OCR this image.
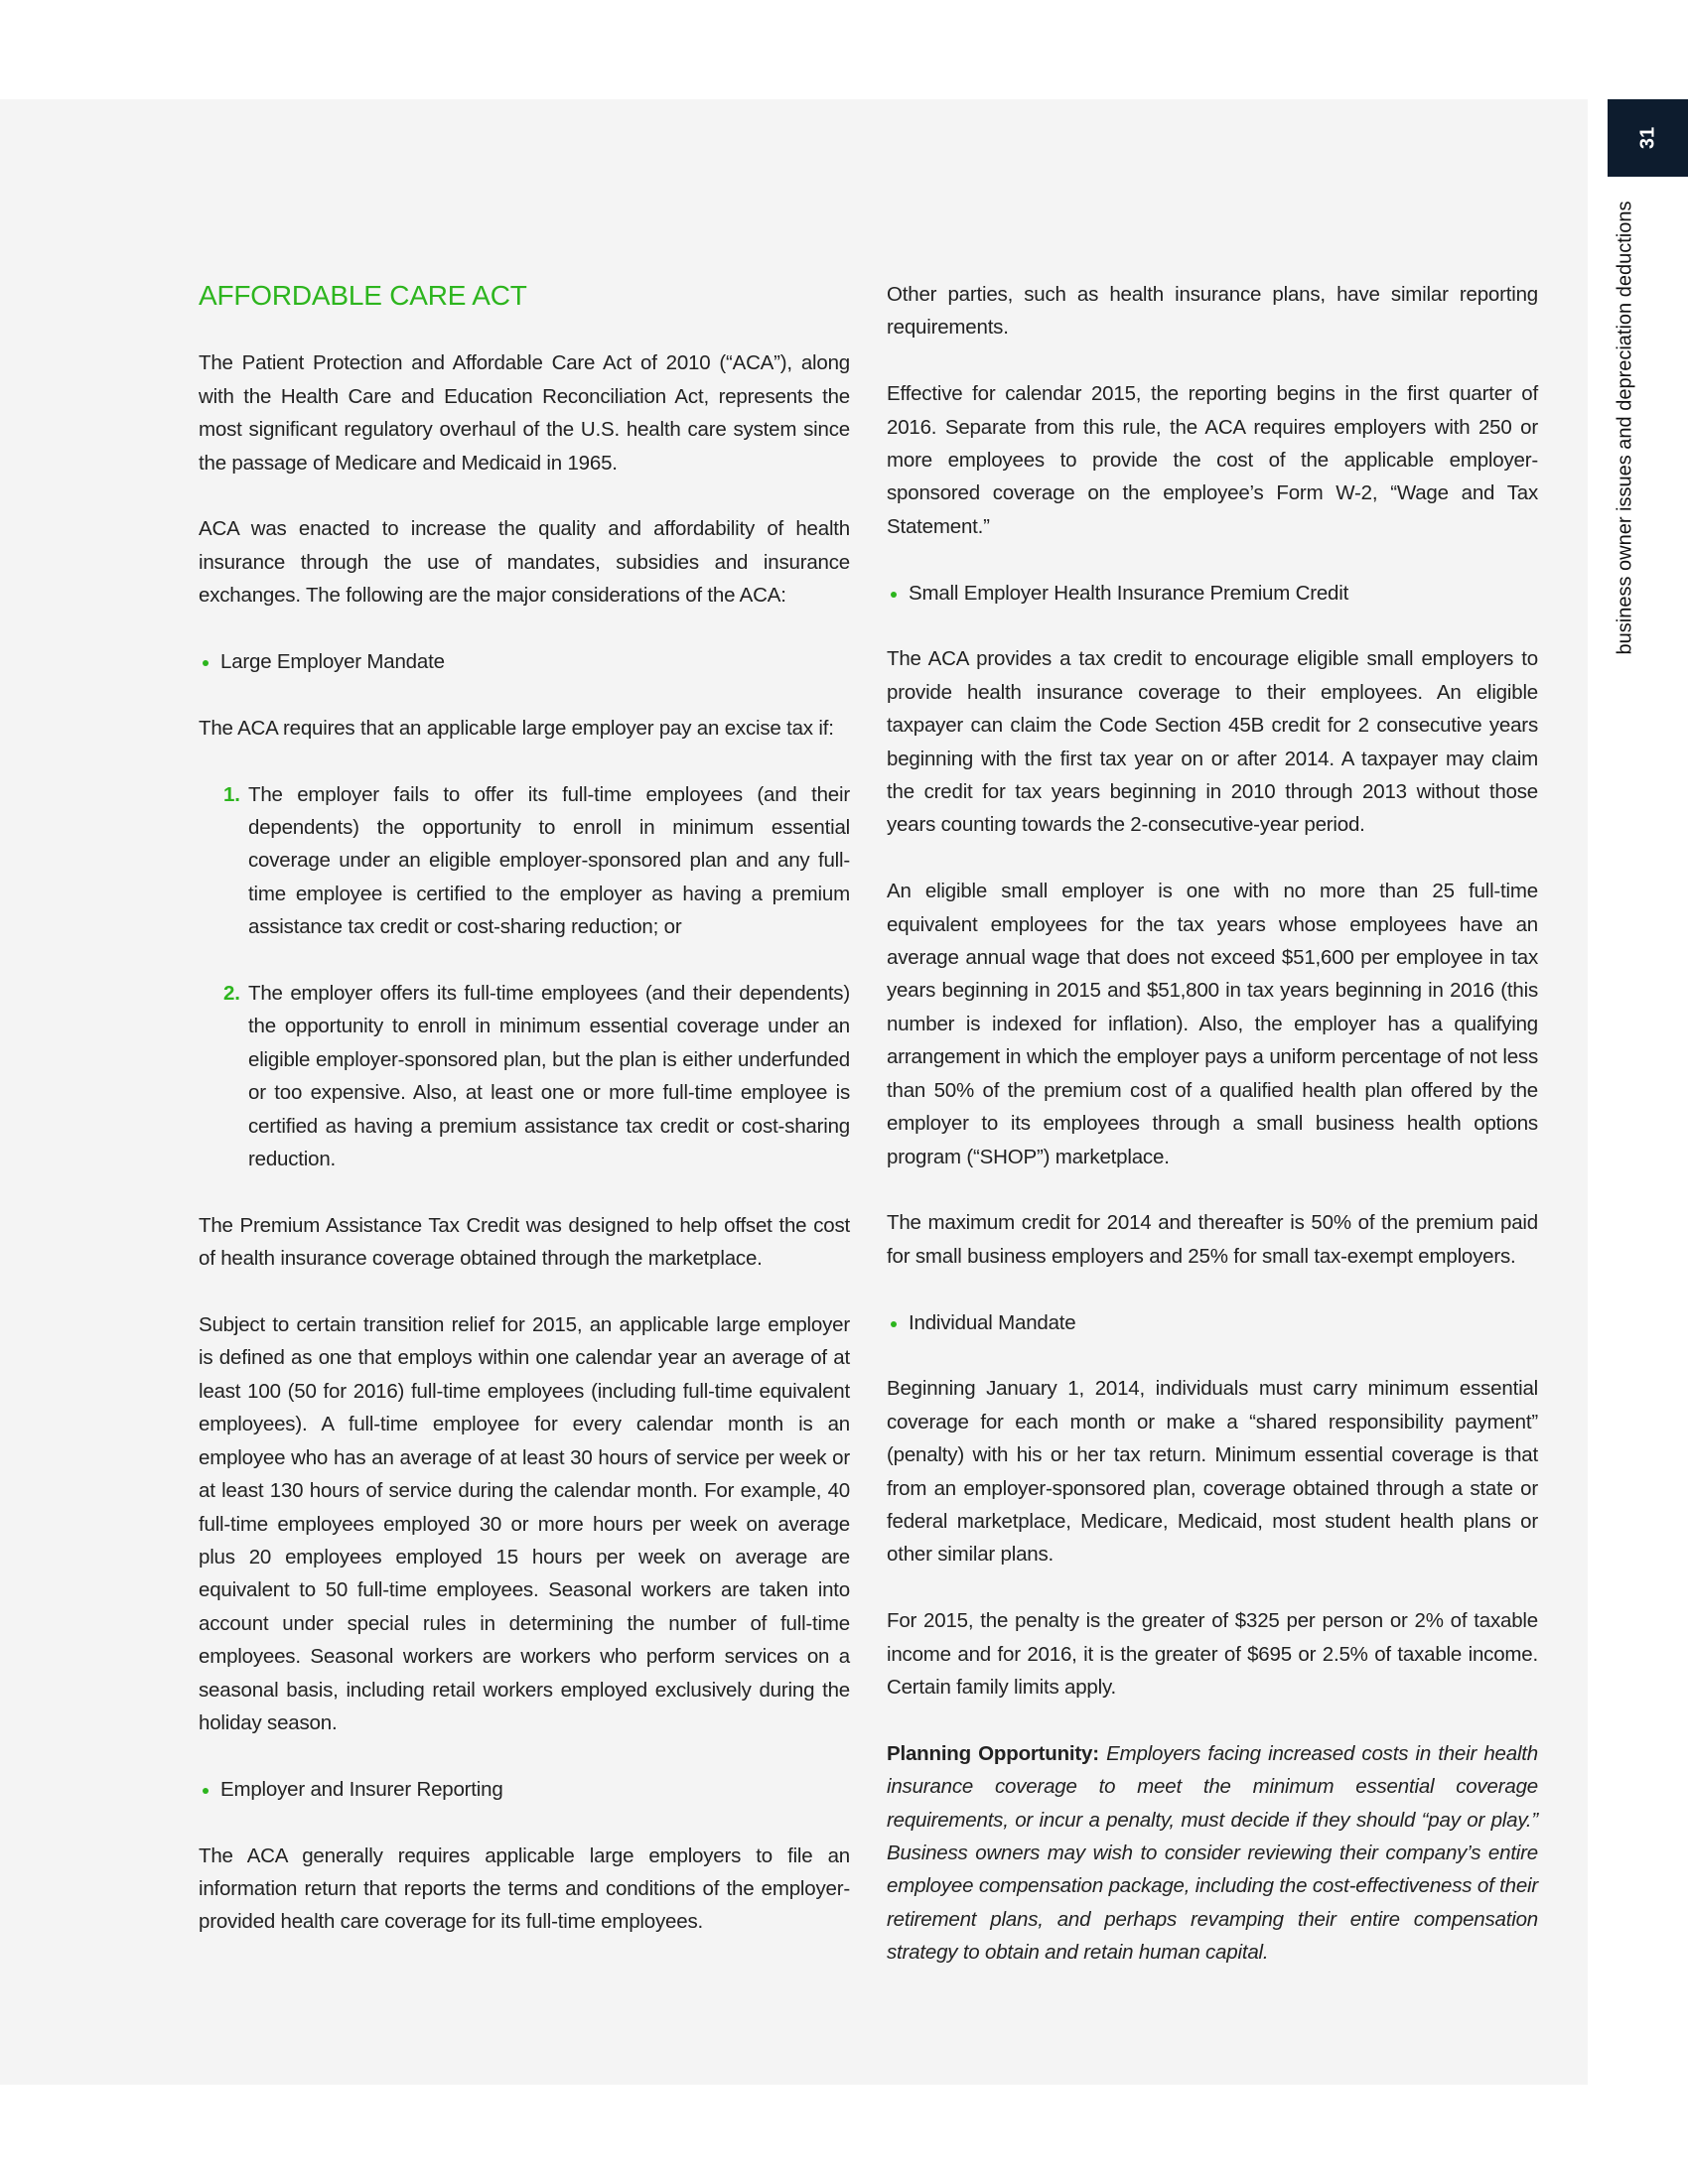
31
business owner issues and depreciation deductions
AFFORDABLE CARE ACT

The Patient Protection and Affordable Care Act of 2010 (“ACA”), along with the Health Care and Education Reconciliation Act, represents the most significant regulatory overhaul of the U.S. health care system since the passage of Medicare and Medicaid in 1965.

ACA was enacted to increase the quality and affordability of health insurance through the use of mandates, subsidies and insurance exchanges. The following are the major considerations of the ACA:

Large Employer Mandate

The ACA requires that an applicable large employer pay an excise tax if:

1. The employer fails to offer its full-time employees (and their dependents) the opportunity to enroll in minimum essential coverage under an eligible employer-sponsored plan and any full-time employee is certified to the employer as having a premium assistance tax credit or cost-sharing reduction; or
2. The employer offers its full-time employees (and their dependents) the opportunity to enroll in minimum essential coverage under an eligible employer-sponsored plan, but the plan is either underfunded or too expensive. Also, at least one or more full-time employee is certified as having a premium assistance tax credit or cost-sharing reduction.

The Premium Assistance Tax Credit was designed to help offset the cost of health insurance coverage obtained through the marketplace.

Subject to certain transition relief for 2015, an applicable large employer is defined as one that employs within one calendar year an average of at least 100 (50 for 2016) full-time employees (including full-time equivalent employees). A full-time employee for every calendar month is an employee who has an average of at least 30 hours of service per week or at least 130 hours of service during the calendar month. For example, 40 full-time employees employed 30 or more hours per week on average plus 20 employees employed 15 hours per week on average are equivalent to 50 full-time employees. Seasonal workers are taken into account under special rules in determining the number of full-time employees. Seasonal workers are workers who perform services on a seasonal basis, including retail workers employed exclusively during the holiday season.

Employer and Insurer Reporting

The ACA generally requires applicable large employers to file an information return that reports the terms and conditions of the employer-provided health care coverage for its full-time employees.

Other parties, such as health insurance plans, have similar reporting requirements.

Effective for calendar 2015, the reporting begins in the first quarter of 2016. Separate from this rule, the ACA requires employers with 250 or more employees to provide the cost of the applicable employer-sponsored coverage on the employee’s Form W-2, “Wage and Tax Statement.”

Small Employer Health Insurance Premium Credit

The ACA provides a tax credit to encourage eligible small employers to provide health insurance coverage to their employees. An eligible taxpayer can claim the Code Section 45B credit for 2 consecutive years beginning with the first tax year on or after 2014. A taxpayer may claim the credit for tax years beginning in 2010 through 2013 without those years counting towards the 2-consecutive-year period.

An eligible small employer is one with no more than 25 full-time equivalent employees for the tax years whose employees have an average annual wage that does not exceed $51,600 per employee in tax years beginning in 2015 and $51,800 in tax years beginning in 2016 (this number is indexed for inflation). Also, the employer has a qualifying arrangement in which the employer pays a uniform percentage of not less than 50% of the premium cost of a qualified health plan offered by the employer to its employees through a small business health options program (“SHOP”) marketplace.

The maximum credit for 2014 and thereafter is 50% of the premium paid for small business employers and 25% for small tax-exempt employers.

Individual Mandate

Beginning January 1, 2014, individuals must carry minimum essential coverage for each month or make a “shared responsibility payment” (penalty) with his or her tax return. Minimum essential coverage is that from an employer-sponsored plan, coverage obtained through a state or federal marketplace, Medicare, Medicaid, most student health plans or other similar plans.

For 2015, the penalty is the greater of $325 per person or 2% of taxable income and for 2016, it is the greater of $695 or 2.5% of taxable income. Certain family limits apply.

Planning Opportunity: Employers facing increased costs in their health insurance coverage to meet the minimum essential coverage requirements, or incur a penalty, must decide if they should “pay or play.” Business owners may wish to consider reviewing their company’s entire employee compensation package, including the cost-effectiveness of their retirement plans, and perhaps revamping their entire compensation strategy to obtain and retain human capital.
